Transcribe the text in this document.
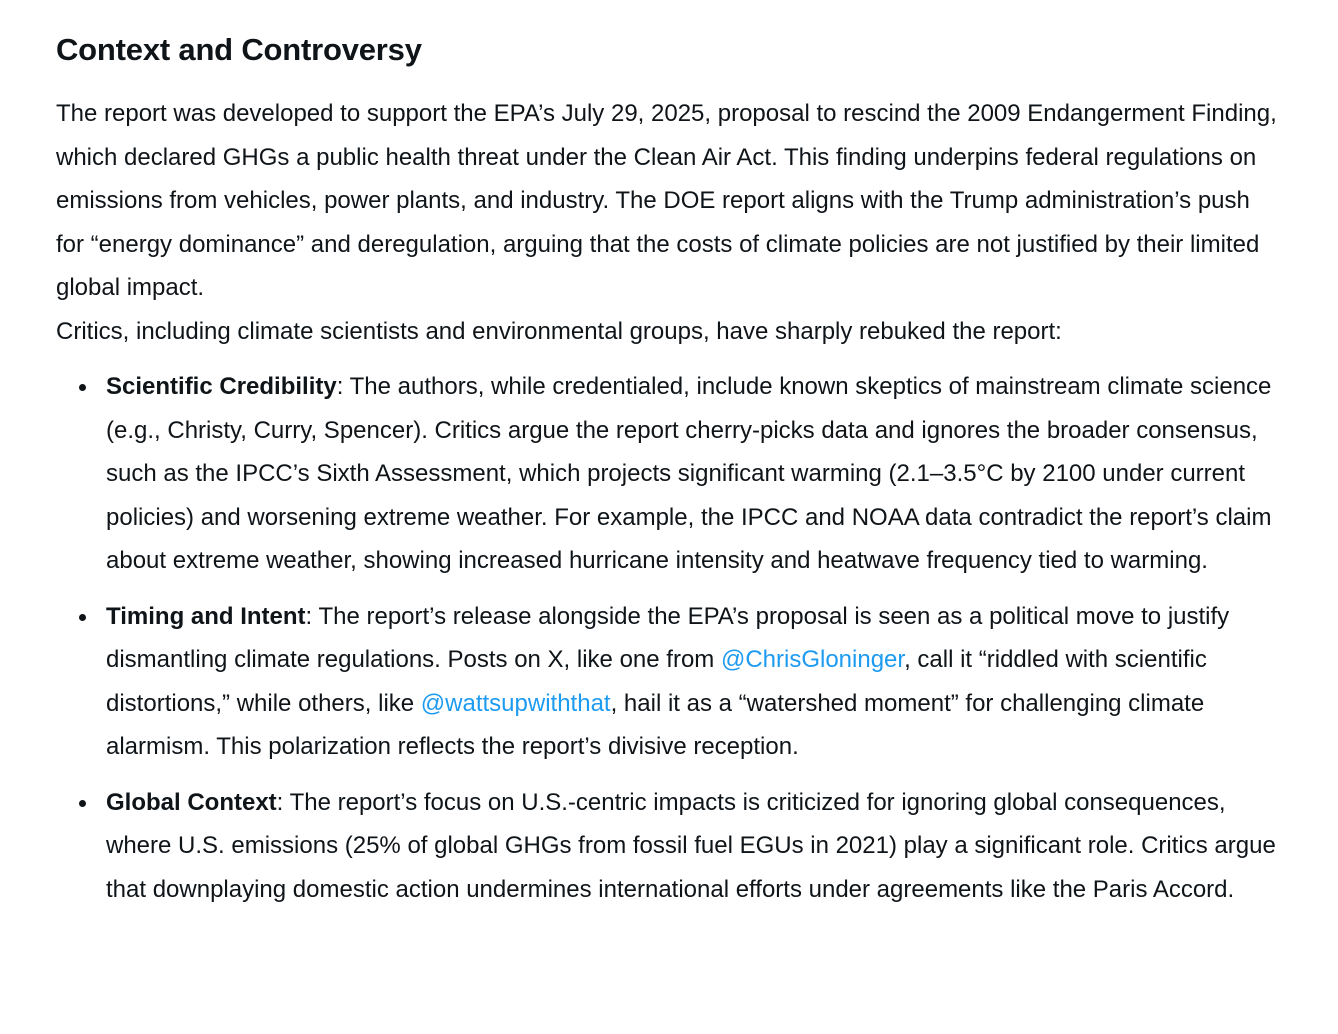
Context and Controversy

The report was developed to support the EPA’s July 29, 2025, proposal to rescind the 2009 Endangerment Finding, which declared GHGs a public health threat under the Clean Air Act. This finding underpins federal regulations on emissions from vehicles, power plants, and industry. The DOE report aligns with the Trump administration’s push for “energy dominance” and deregulation, arguing that the costs of climate policies are not justified by their limited global impact.

Critics, including climate scientists and environmental groups, have sharply rebuked the report:

Scientific Credibility: The authors, while credentialed, include known skeptics of mainstream climate science (e.g., Christy, Curry, Spencer). Critics argue the report cherry-picks data and ignores the broader consensus, such as the IPCC’s Sixth Assessment, which projects significant warming (2.1–3.5°C by 2100 under current policies) and worsening extreme weather. For example, the IPCC and NOAA data contradict the report’s claim about extreme weather, showing increased hurricane intensity and heatwave frequency tied to warming.
Timing and Intent: The report’s release alongside the EPA’s proposal is seen as a political move to justify dismantling climate regulations. Posts on X, like one from @ChrisGloninger, call it “riddled with scientific distortions,” while others, like @wattsupwiththat, hail it as a “watershed moment” for challenging climate alarmism. This polarization reflects the report’s divisive reception.
Global Context: The report’s focus on U.S.-centric impacts is criticized for ignoring global consequences, where U.S. emissions (25% of global GHGs from fossil fuel EGUs in 2021) play a significant role. Critics argue that downplaying domestic action undermines international efforts under agreements like the Paris Accord.
